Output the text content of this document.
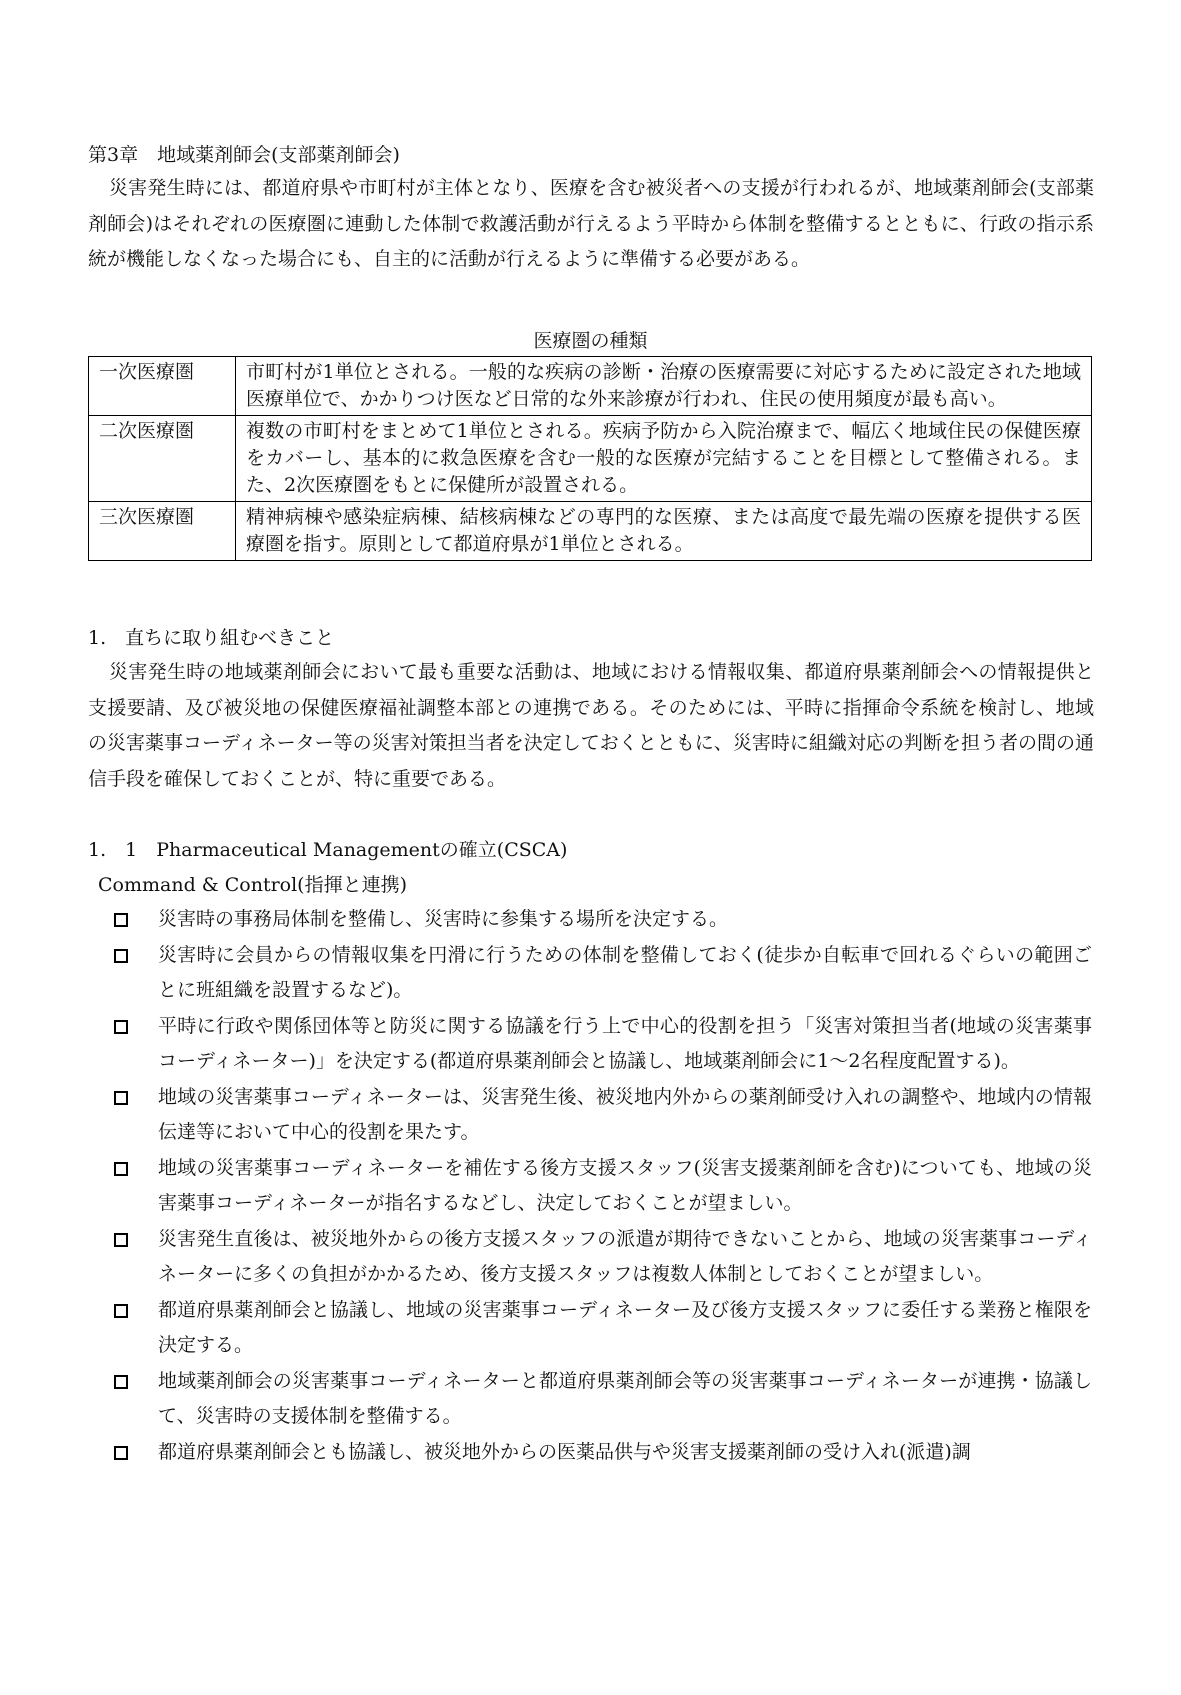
第3章　地域薬剤師会(支部薬剤師会)
災害発生時には、都道府県や市町村が主体となり、医療を含む被災者への支援が行われるが、地域薬剤師会(支部薬剤師会)はそれぞれの医療圏に連動した体制で救護活動が行えるよう平時から体制を整備するとともに、行政の指示系統が機能しなくなった場合にも、自主的に活動が行えるように準備する必要がある。
医療圏の種類
一次医療圏	市町村が1単位とされる。一般的な疾病の診断・治療の医療需要に対応するために設定された地域医療単位で、かかりつけ医など日常的な外来診療が行われ、住民の使用頻度が最も高い。
二次医療圏	複数の市町村をまとめて1単位とされる。疾病予防から入院治療まで、幅広く地域住民の保健医療をカバーし、基本的に救急医療を含む一般的な医療が完結することを目標として整備される。また、2次医療圏をもとに保健所が設置される。
三次医療圏	精神病棟や感染症病棟、結核病棟などの専門的な医療、または高度で最先端の医療を提供する医療圏を指す。原則として都道府県が1単位とされる。
1.　直ちに取り組むべきこと
災害発生時の地域薬剤師会において最も重要な活動は、地域における情報収集、都道府県薬剤師会への情報提供と支援要請、及び被災地の保健医療福祉調整本部との連携である。そのためには、平時に指揮命令系統を検討し、地域の災害薬事コーディネーター等の災害対策担当者を決定しておくとともに、災害時に組織対応の判断を担う者の間の通信手段を確保しておくことが、特に重要である。
1.　1　Pharmaceutical Managementの確立(CSCA)
Command & Control(指揮と連携)
災害時の事務局体制を整備し、災害時に参集する場所を決定する。
災害時に会員からの情報収集を円滑に行うための体制を整備しておく(徒歩か自転車で回れるぐらいの範囲ごとに班組織を設置するなど)。
平時に行政や関係団体等と防災に関する協議を行う上で中心的役割を担う「災害対策担当者(地域の災害薬事コーディネーター)」を決定する(都道府県薬剤師会と協議し、地域薬剤師会に1～2名程度配置する)。
地域の災害薬事コーディネーターは、災害発生後、被災地内外からの薬剤師受け入れの調整や、地域内の情報伝達等において中心的役割を果たす。
地域の災害薬事コーディネーターを補佐する後方支援スタッフ(災害支援薬剤師を含む)についても、地域の災害薬事コーディネーターが指名するなどし、決定しておくことが望ましい。
災害発生直後は、被災地外からの後方支援スタッフの派遣が期待できないことから、地域の災害薬事コーディネーターに多くの負担がかかるため、後方支援スタッフは複数人体制としておくことが望ましい。
都道府県薬剤師会と協議し、地域の災害薬事コーディネーター及び後方支援スタッフに委任する業務と権限を決定する。
地域薬剤師会の災害薬事コーディネーターと都道府県薬剤師会等の災害薬事コーディネーターが連携・協議して、災害時の支援体制を整備する。
都道府県薬剤師会とも協議し、被災地外からの医薬品供与や災害支援薬剤師の受け入れ(派遣)調
